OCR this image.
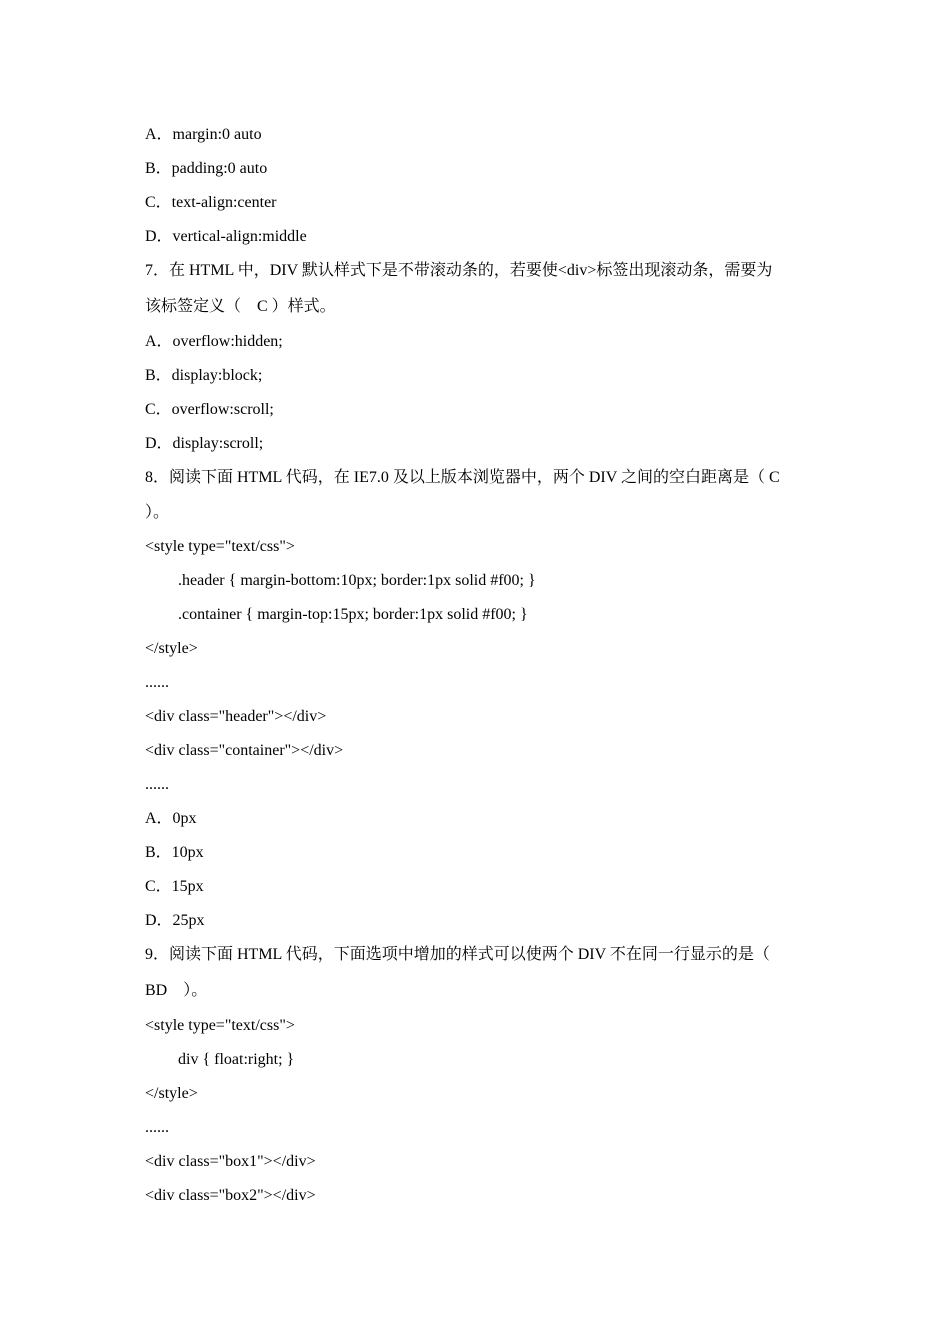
A．margin:0 auto
B．padding:0 auto
C．text-align:center
D．vertical-align:middle
7．在 HTML 中，DIV 默认样式下是不带滚动条的，若要使<div>标签出现滚动条，需要为
该标签定义（　C ）样式。
A．overflow:hidden;
B．display:block;
C．overflow:scroll;
D．display:scroll;
8．阅读下面 HTML 代码，在 IE7.0 及以上版本浏览器中，两个 DIV 之间的空白距离是（ C
）。
<style type="text/css">
.header { margin-bottom:10px; border:1px solid #f00; }
.container { margin-top:15px; border:1px solid #f00; }
</style>
......
<div class="header"></div>
<div class="container"></div>
......
A．0px
B．10px
C．15px
D．25px
9．阅读下面 HTML 代码，下面选项中增加的样式可以使两个 DIV 不在同一行显示的是（
BD　）。
<style type="text/css">
div { float:right; }
</style>
......
<div class="box1"></div>
<div class="box2"></div>
